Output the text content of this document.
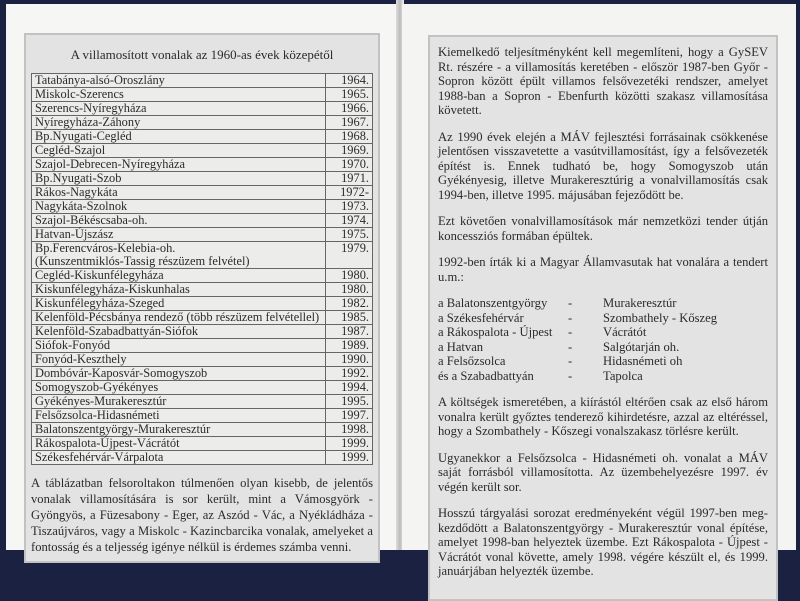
A villamosított vonalak az 1960-as évek közepétől
Tatabánya-alsó-Oroszlány	1964.
Miskolc-Szerencs	1965.
Szerencs-Nyíregyháza	1966.
Nyíregyháza-Záhony	1967.
Bp.Nyugati-Cegléd	1968.
Cegléd-Szajol	1969.
Szajol-Debrecen-Nyíregyháza	1970.
Bp.Nyugati-Szob	1971.
Rákos-Nagykáta	1972-
Nagykáta-Szolnok	1973.
Szajol-Békéscsaba-oh.	1974.
Hatvan-Újszász	1975.
Bp.Ferencváros-Kelebia-oh.
(Kunszentmiklós-Tassig részüzem felvétel)	1979.
Cegléd-Kiskunfélegyháza	1980.
Kiskunfélegyháza-Kiskunhalas	1980.
Kiskunfélegyháza-Szeged	1982.
Kelenföld-Pécsbánya rendező (több részüzem felvétellel)	1985.
Kelenföld-Szabadbattyán-Siófok	1987.
Siófok-Fonyód	1989.
Fonyód-Keszthely	1990.
Dombóvár-Kaposvár-Somogyszob	1992.
Somogyszob-Gyékényes	1994.
Gyékényes-Murakeresztúr	1995.
Felsőzsolca-Hidasnémeti	1997.
Balatonszentgyörgy-Murakeresztúr	1998.
Rákospalota-Újpest-Vácrátót	1999.
Székesfehérvár-Várpalota	1999.
A táblázatban felsoroltakon túlmenően olyan kisebb, de jelentős vonalak villamosítására is sor került, mint a Vámosgyörk - Gyöngyös, a Füzesabony - Eger, az Aszód - Vác, a Nyékládháza - Tiszaújváros, vagy a Miskolc - Kazincbarcika vonalak, amelyeket a fontosság és a teljesség igénye nélkül is érdemes számba venni.

Kiemelkedő teljesítményként kell megemlíteni, hogy a GySEV Rt. részére - a villamosítás keretében - először 1987-ben Győr - Sopron között épült villamos felsővezetéki rendszer, amelyet 1988-ban a Sopron - Ebenfurth közötti szakasz villamosítása követett.

Az 1990 évek elején a MÁV fejlesztési forrásainak csökkenése jelentősen visszavetette a vasútvillamosítást, így a felsővezeték építést is. Ennek tudható be, hogy Somogyszob után Gyékényesig, illetve Murakeresztúrig a vonalvillamosítás csak 1994-ben, illetve 1995. májusában fejeződött be.

Ezt követően vonalvillamosítások már nemzetközi tender útján koncessziós formában épültek.

1992-ben írták ki a Magyar Államvasutak hat vonalára a tendert u.m.:

a Balatonszentgyörgy	-	Murakeresztúr
a Székesfehérvár	-	Szombathely - Kőszeg
a Rákospalota - Újpest	-	Vácrátót
a Hatvan	-	Salgótarján oh.
a Felsőzsolca	-	Hidasnémeti oh
és a Szabadbattyán	-	Tapolca

A költségek ismeretében, a kiírástól eltérően csak az első három vonalra került győztes tenderező kihirdetésre, azzal az eltéréssel, hogy a Szombathely - Kőszegi vonalszakasz törlésre került.

Ugyanekkor a Felsőzsolca - Hidasnémeti oh. vonalat a MÁV saját forrásból villamosította. Az üzembehelyezésre 1997. év végén került sor.

Hosszú tárgyalási sorozat eredményeként végül 1997-ben meg-kezdődött a Balatonszentgyörgy - Murakeresztúr vonal építése, amelyet 1998-ban helyeztek üzembe. Ezt Rákospalota - Újpest - Vácrátót vonal követte, amely 1998. végére készült el, és 1999. januárjában helyezték üzembe.
